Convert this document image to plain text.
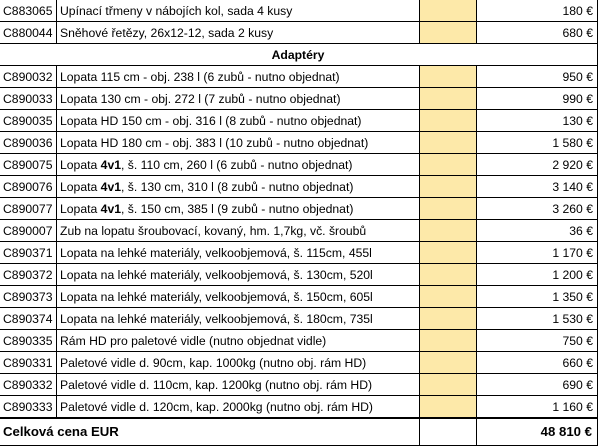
C883065	Upínací třmeny v nábojích kol, sada 4 kusy		180 €
C880044	Sněhové řetězy, 26x12-12, sada 2 kusy		680 €
Adaptéry			
C890032	Lopata 115 cm - obj. 238 l (6 zubů - nutno objednat)		950 €
C890033	Lopata 130 cm - obj. 272 l (7 zubů - nutno objednat)		990 €
C890035	Lopata HD 150 cm - obj. 316 l (8 zubů - nutno objednat)		130 €
C890036	Lopata HD 180 cm - obj. 383 l (10 zubů - nutno objednat)		1 580 €
C890075	Lopata 4v1, š. 110 cm, 260 l (6 zubů - nutno objednat)		2 920 €
C890076	Lopata 4v1, š. 130 cm, 310 l (8 zubů - nutno objednat)		3 140 €
C890077	Lopata 4v1, š. 150 cm, 385 l (9 zubů - nutno objednat)		3 260 €
C890007	Zub na lopatu šroubovací, kovaný, hm. 1,7kg, vč. šroubů		36 €
C890371	Lopata na lehké materiály, velkoobjemová, š. 115cm, 455l		1 170 €
C890372	Lopata na lehké materiály, velkoobjemová, š. 130cm, 520l		1 200 €
C890373	Lopata na lehké materiály, velkoobjemová, š. 150cm, 605l		1 350 €
C890374	Lopata na lehké materiály, velkoobjemová, š. 180cm, 735l		1 530 €
C890335	Rám HD pro paletové vidle (nutno objednat vidle)		750 €
C890331	Paletové vidle d. 90cm, kap. 1000kg (nutno obj. rám HD)		660 €
C890332	Paletové vidle d. 110cm, kap. 1200kg (nutno obj. rám HD)		690 €
C890333	Paletové vidle d. 120cm, kap. 2000kg (nutno obj. rám HD)		1 160 €
Celková cena EUR			48 810 €
